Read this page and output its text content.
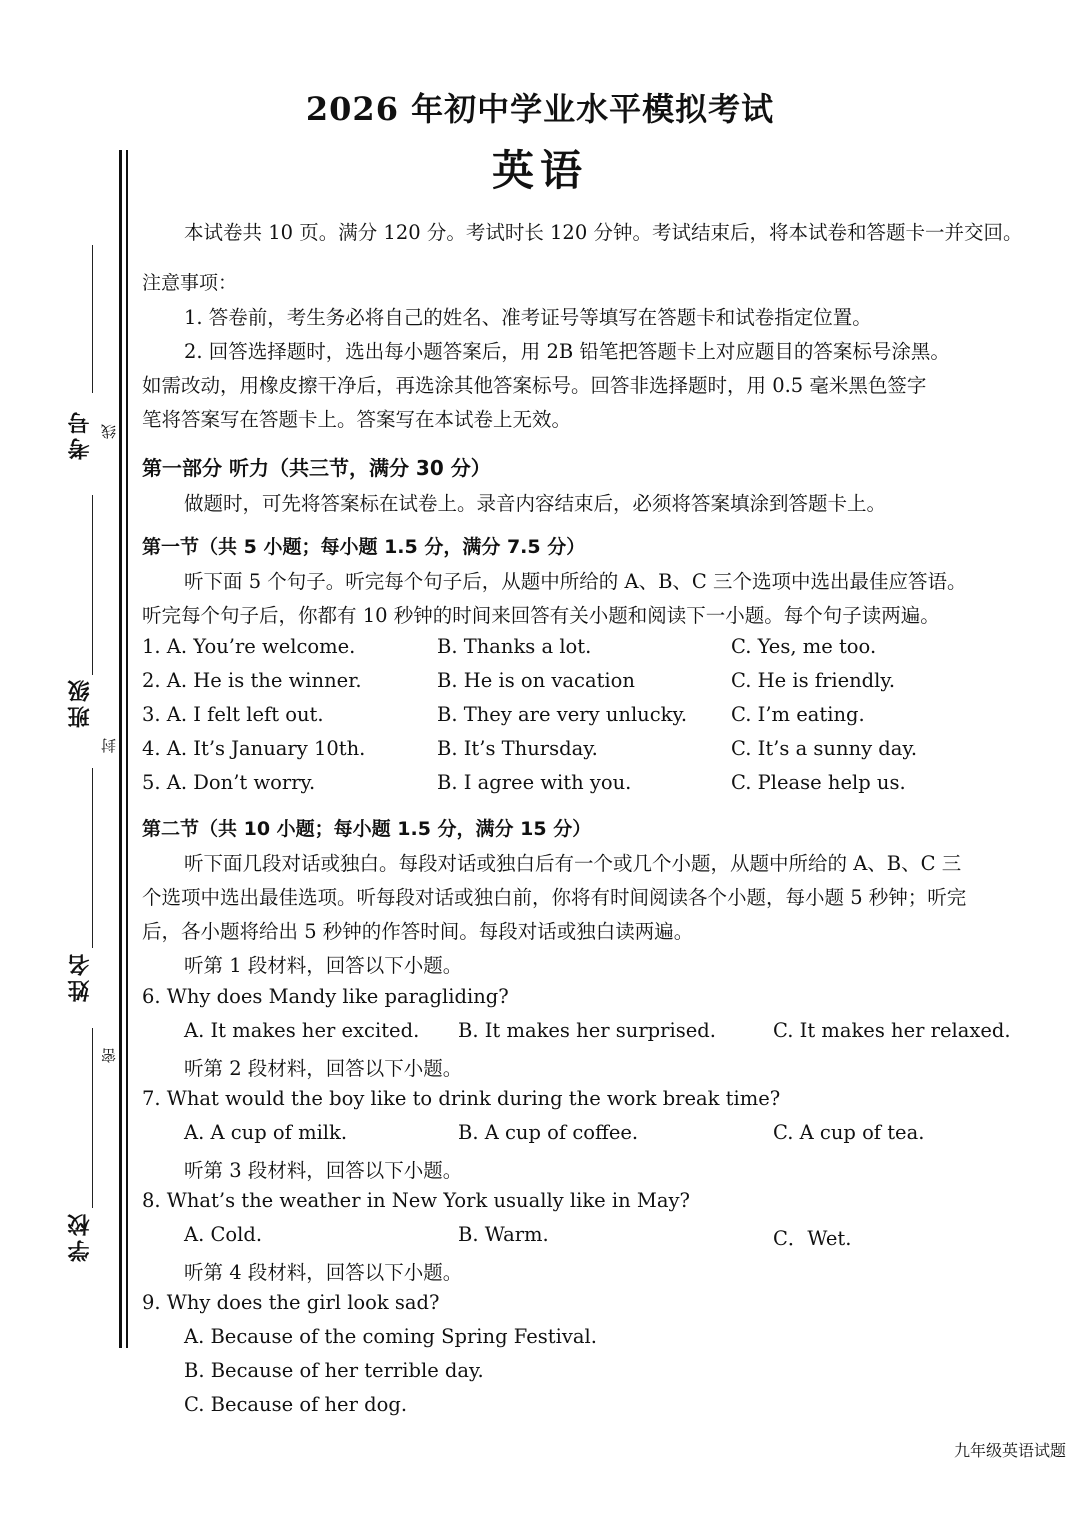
2026 年初中学业水平模拟考试
英语
考号 线
班级
封
姓名
密
学校
本试卷共 10 页。满分 120 分。考试时长 120 分钟。考试结束后，将本试卷和答题卡一并交回。
注意事项：
1. 答卷前，考生务必将自己的姓名、准考证号等填写在答题卡和试卷指定位置。
2. 回答选择题时，选出每小题答案后，用 2B 铅笔把答题卡上对应题目的答案标号涂黑。
如需改动，用橡皮擦干净后，再选涂其他答案标号。回答非选择题时，用 0.5 毫米黑色签字
笔将答案写在答题卡上。答案写在本试卷上无效。
第一部分 听力（共三节，满分 30 分）
做题时，可先将答案标在试卷上。录音内容结束后，必须将答案填涂到答题卡上。
第一节（共 5 小题；每小题 1.5 分，满分 7.5 分）
听下面 5 个句子。听完每个句子后，从题中所给的 A、B、C 三个选项中选出最佳应答语。
听完每个句子后，你都有 10 秒钟的时间来回答有关小题和阅读下一小题。每个句子读两遍。
1. A. You’re welcome.	B. Thanks a lot.	C. Yes, me too.
2. A. He is the winner.	B. He is on vacation	C. He is friendly.
3. A. I felt left out.	B. They are very unlucky. C. I’m eating.
4. A. It’s January 10th.	B. It’s Thursday.	C. It’s a sunny day.
5. A. Don’t worry.	B. I agree with you.	C. Please help us.
第二节（共 10 小题；每小题 1.5 分，满分 15 分）
听下面几段对话或独白。每段对话或独白后有一个或几个小题，从题中所给的 A、B、C 三
个选项中选出最佳选项。听每段对话或独白前，你将有时间阅读各个小题，每小题 5 秒钟；听完
后，各小题将给出 5 秒钟的作答时间。每段对话或独白读两遍。
听第 1 段材料，回答以下小题。
6. Why does Mandy like paragliding?
A. It makes her excited. B. It makes her surprised.	C. It makes her relaxed.
听第 2 段材料，回答以下小题。
7. What would the boy like to drink during the work break time?
A. A cup of milk.	B. A cup of coffee.	C. A cup of tea.
听第 3 段材料，回答以下小题。
8. What’s the weather in New York usually like in May?
A. Cold.	B. Warm.	C．Wet.
听第 4 段材料，回答以下小题。
9. Why does the girl look sad?
A. Because of the coming Spring Festival.
B. Because of her terrible day.
C. Because of her dog.
九年级英语试题
